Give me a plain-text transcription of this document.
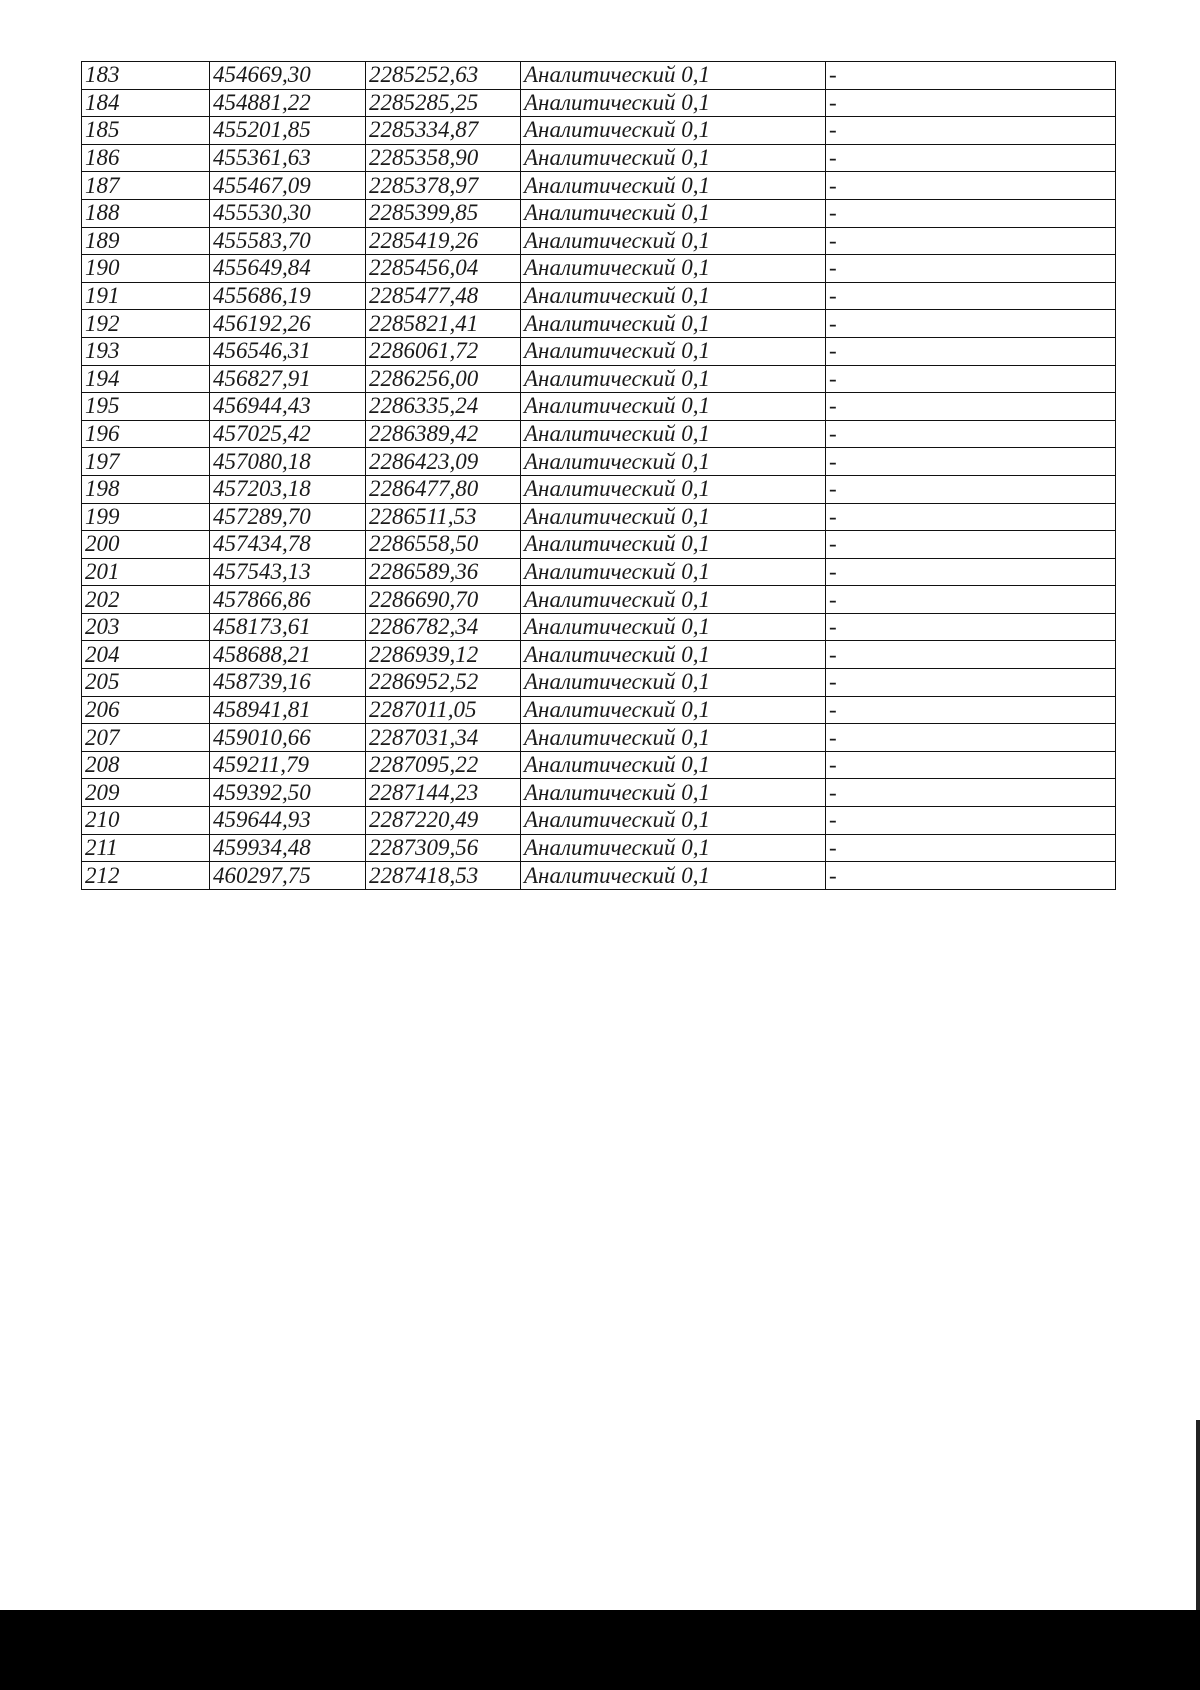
183	454669,30	2285252,63	Аналитический 0,1	-
184	454881,22	2285285,25	Аналитический 0,1	-
185	455201,85	2285334,87	Аналитический 0,1	-
186	455361,63	2285358,90	Аналитический 0,1	-
187	455467,09	2285378,97	Аналитический 0,1	-
188	455530,30	2285399,85	Аналитический 0,1	-
189	455583,70	2285419,26	Аналитический 0,1	-
190	455649,84	2285456,04	Аналитический 0,1	-
191	455686,19	2285477,48	Аналитический 0,1	-
192	456192,26	2285821,41	Аналитический 0,1	-
193	456546,31	2286061,72	Аналитический 0,1	-
194	456827,91	2286256,00	Аналитический 0,1	-
195	456944,43	2286335,24	Аналитический 0,1	-
196	457025,42	2286389,42	Аналитический 0,1	-
197	457080,18	2286423,09	Аналитический 0,1	-
198	457203,18	2286477,80	Аналитический 0,1	-
199	457289,70	2286511,53	Аналитический 0,1	-
200	457434,78	2286558,50	Аналитический 0,1	-
201	457543,13	2286589,36	Аналитический 0,1	-
202	457866,86	2286690,70	Аналитический 0,1	-
203	458173,61	2286782,34	Аналитический 0,1	-
204	458688,21	2286939,12	Аналитический 0,1	-
205	458739,16	2286952,52	Аналитический 0,1	-
206	458941,81	2287011,05	Аналитический 0,1	-
207	459010,66	2287031,34	Аналитический 0,1	-
208	459211,79	2287095,22	Аналитический 0,1	-
209	459392,50	2287144,23	Аналитический 0,1	-
210	459644,93	2287220,49	Аналитический 0,1	-
211	459934,48	2287309,56	Аналитический 0,1	-
212	460297,75	2287418,53	Аналитический 0,1	-
